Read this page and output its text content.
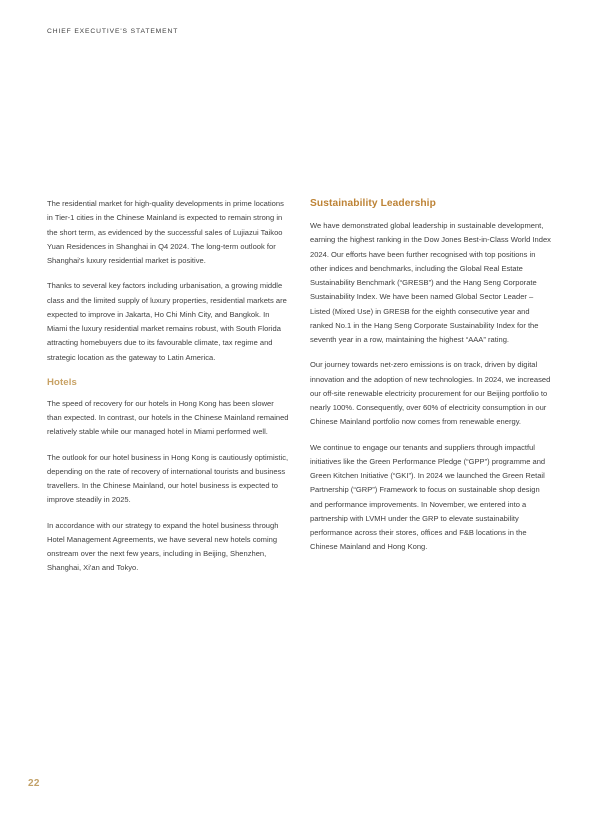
CHIEF EXECUTIVE'S STATEMENT

The residential market for high-quality developments in prime locations in Tier-1 cities in the Chinese Mainland is expected to remain strong in the short term, as evidenced by the successful sales of Lujiazui Taikoo Yuan Residences in Shanghai in Q4 2024. The long-term outlook for Shanghai's luxury residential market is positive.

Thanks to several key factors including urbanisation, a growing middle class and the limited supply of luxury properties, residential markets are expected to improve in Jakarta, Ho Chi Minh City, and Bangkok. In Miami the luxury residential market remains robust, with South Florida attracting homebuyers due to its favourable climate, tax regime and strategic location as the gateway to Latin America.

Hotels

The speed of recovery for our hotels in Hong Kong has been slower than expected. In contrast, our hotels in the Chinese Mainland remained relatively stable while our managed hotel in Miami performed well.

The outlook for our hotel business in Hong Kong is cautiously optimistic, depending on the rate of recovery of international tourists and business travellers. In the Chinese Mainland, our hotel business is expected to improve steadily in 2025.

In accordance with our strategy to expand the hotel business through Hotel Management Agreements, we have several new hotels coming onstream over the next few years, including in Beijing, Shenzhen, Shanghai, Xi'an and Tokyo.

Sustainability Leadership

We have demonstrated global leadership in sustainable development, earning the highest ranking in the Dow Jones Best-in-Class World Index 2024. Our efforts have been further recognised with top positions in other indices and benchmarks, including the Global Real Estate Sustainability Benchmark (“GRESB”) and the Hang Seng Corporate Sustainability Index. We have been named Global Sector Leader – Listed (Mixed Use) in GRESB for the eighth consecutive year and ranked No.1 in the Hang Seng Corporate Sustainability Index for the seventh year in a row, maintaining the highest “AAA” rating.

Our journey towards net-zero emissions is on track, driven by digital innovation and the adoption of new technologies. In 2024, we increased our off-site renewable electricity procurement for our Beijing portfolio to nearly 100%. Consequently, over 60% of electricity consumption in our Chinese Mainland portfolio now comes from renewable energy.

We continue to engage our tenants and suppliers through impactful initiatives like the Green Performance Pledge (“GPP”) programme and Green Kitchen Initiative (“GKI”). In 2024 we launched the Green Retail Partnership (“GRP”) Framework to focus on sustainable shop design and performance improvements. In November, we entered into a partnership with LVMH under the GRP to elevate sustainability performance across their stores, offices and F&B locations in the Chinese Mainland and Hong Kong.

22
